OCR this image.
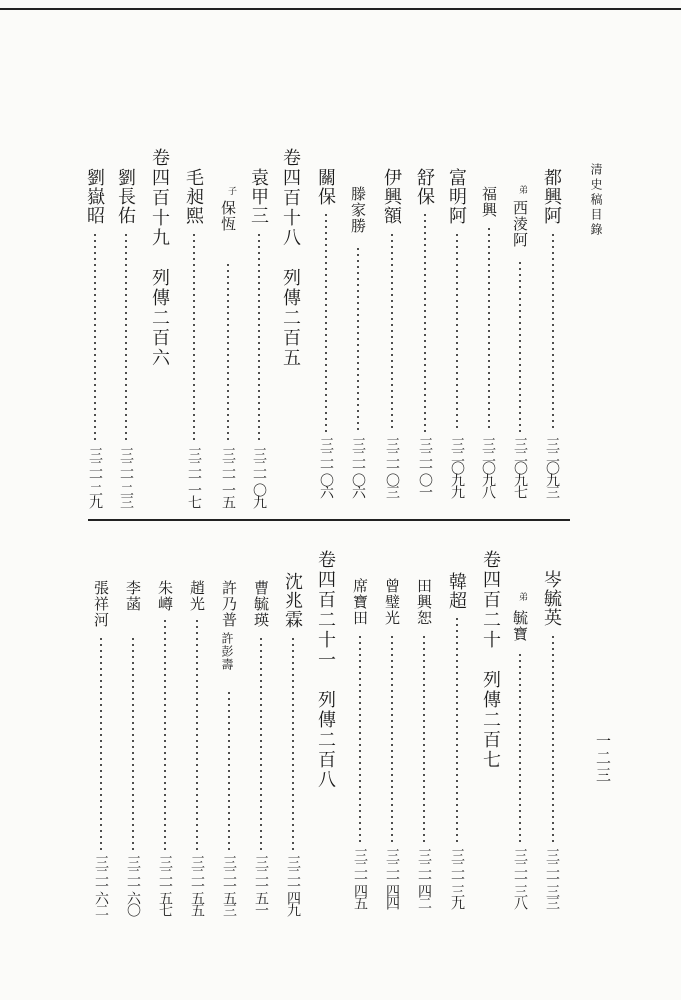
清史稿目錄
一二三
都興阿
三二〇九三
弟
西淩阿
三二〇九七
福興
三二〇九八
富明阿
三二〇九九
舒保
三二一〇一
伊興額
三二一〇三
滕家勝
三二一〇六
關保
三二一〇六
卷四百十八　列傳二百五
袁甲三
三二一〇九
子
保恆
三二一一五
毛昶熙
三二一一七
卷四百十九　列傳二百六
劉長佑
三二一二三
劉嶽昭
三二一二九
岑毓英
三二一三三
弟
毓寶
三二一三八
卷四百二十　列傳二百七
韓超
三二一三九
田興恕
三二一四二
曾璧光
三二一四四
席寶田
三二一四五
卷四百二十一　列傳二百八
沈兆霖
三二一四九
曹毓瑛
三二一五一
許乃普
許彭壽
三二一五三
趙光
三二一五五
朱嶟
三二一五七
李菡
三二一六〇
張祥河
三二一六二
